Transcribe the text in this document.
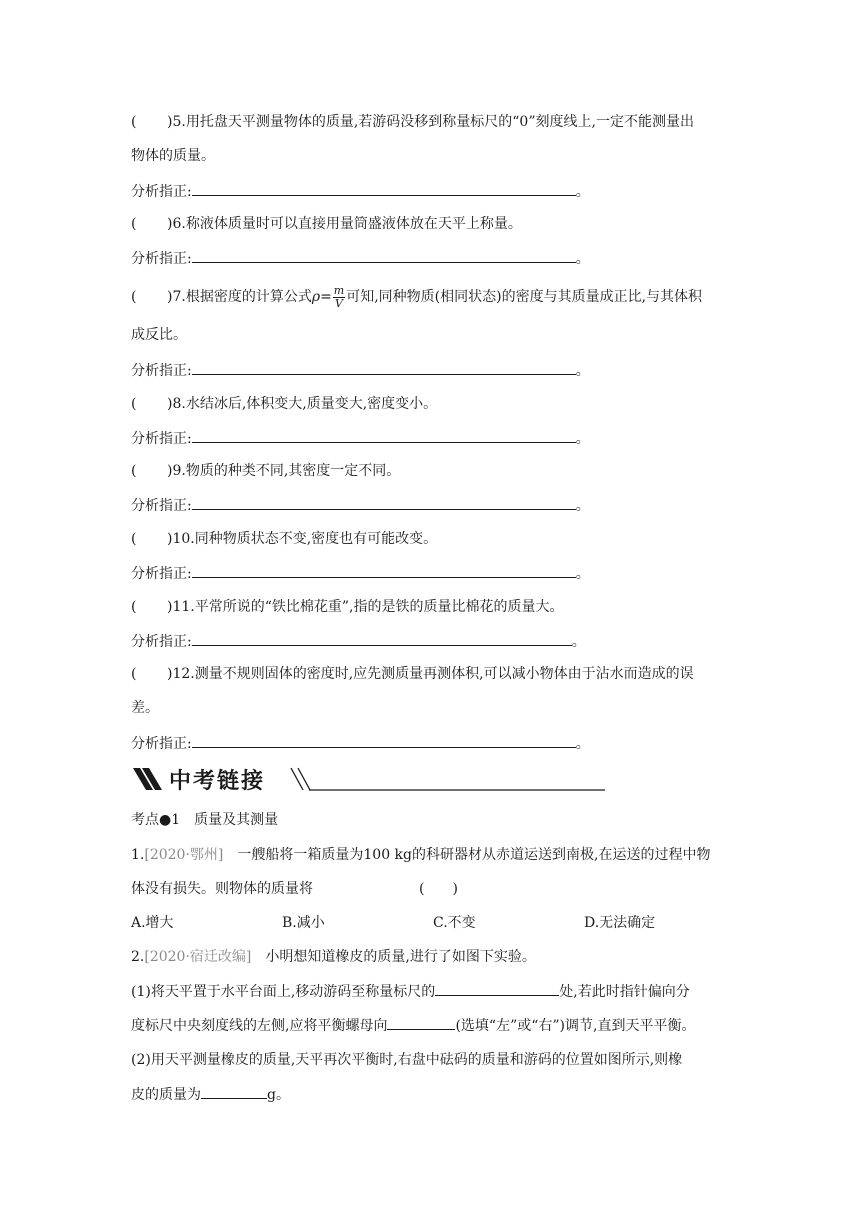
( )5.用托盘天平测量物体的质量,若游码没移到称量标尺的“0”刻度线上,一定不能测量出
物体的质量。
分析指正:	。
( )6.称液体质量时可以直接用量筒盛液体放在天平上称量。
分析指正:	。
( )7.根据密度的计算公式$\rho= \frac{m}{V}$ 可知,同种物质(相同状态)的密度与其质量成正比,与其体积
成反比。
分析指正:	。
( )8.水结冰后,体积变大,质量变大,密度变小。
分析指正:	。
( )9.物质的种类不同,其密度一定不同。
分析指正:	。
( )10.同种物质状态不变,密度也有可能改变。
分析指正:	。
( )11.平常所说的“铁比棉花重”,指的是铁的质量比棉花的质量大。
分析指正:	。
( )12.测量不规则固体的密度时,应先测质量再测体积,可以减小物体由于沾水而造成的误
差。
分析指正:	。
中考链接
考点●1　质量及其测量
1.[2020·鄂州]  一艘船将一箱质量为100 kg的科研器材从赤道运送到南极,在运送的过程中物
体没有损失。则物体的质量将	(　　)
A.增大	B.减小	C.不变	D.无法确定
2.[2020·宿迁改编]  小明想知道橡皮的质量,进行了如图下实验。
(1)将天平置于水平台面上,移动游码至称量标尺的	处,若此时指针偏向分
度标尺中央刻度线的左侧,应将平衡螺母向	(选填“左”或“右”)调节,直到天平平衡。
(2)用天平测量橡皮的质量,天平再次平衡时,右盘中砝码的质量和游码的位置如图所示,则橡
皮的质量为	g。
